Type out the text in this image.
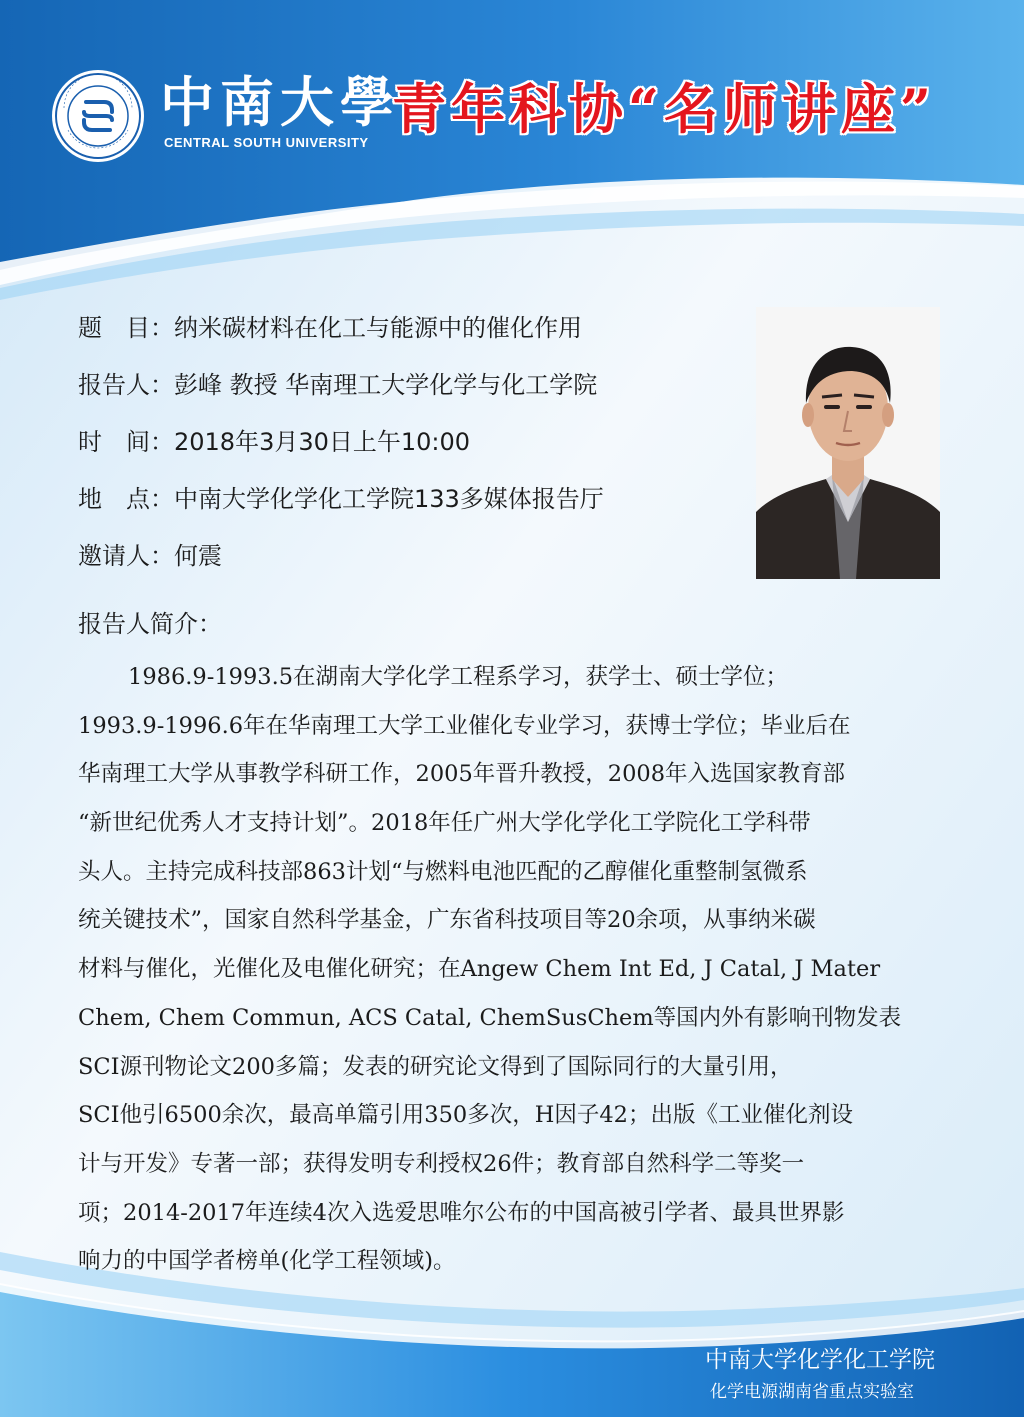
中南大學
CENTRAL SOUTH UNIVERSITY
青年科协“名师讲座”
题　目： 纳米碳材料在化工与能源中的催化作用
报告人： 彭峰 教授 华南理工大学化学与化工学院
时　间： 2018年3月30日上午10:00
地　点： 中南大学化学化工学院133多媒体报告厅
邀请人： 何震
报告人简介：
1986.9-1993.5在湖南大学化学工程系学习，获学士、硕士学位；
1993.9-1996.6年在华南理工大学工业催化专业学习，获博士学位；毕业后在
华南理工大学从事教学科研工作，2005年晋升教授，2008年入选国家教育部
“新世纪优秀人才支持计划”。2018年任广州大学化学化工学院化工学科带
头人。主持完成科技部863计划“与燃料电池匹配的乙醇催化重整制氢微系
统关键技术”，国家自然科学基金，广东省科技项目等20余项，从事纳米碳
材料与催化，光催化及电催化研究；在Angew Chem Int Ed, J Catal, J Mater
Chem, Chem Commun, ACS Catal, ChemSusChem等国内外有影响刊物发表
SCI源刊物论文200多篇；发表的研究论文得到了国际同行的大量引用，
SCI他引6500余次，最高单篇引用350多次，H因子42；出版《工业催化剂设
计与开发》专著一部；获得发明专利授权26件；教育部自然科学二等奖一
项；2014-2017年连续4次入选爱思唯尔公布的中国高被引学者、最具世界影
响力的中国学者榜单(化学工程领域)。
中南大学化学化工学院
化学电源湖南省重点实验室
